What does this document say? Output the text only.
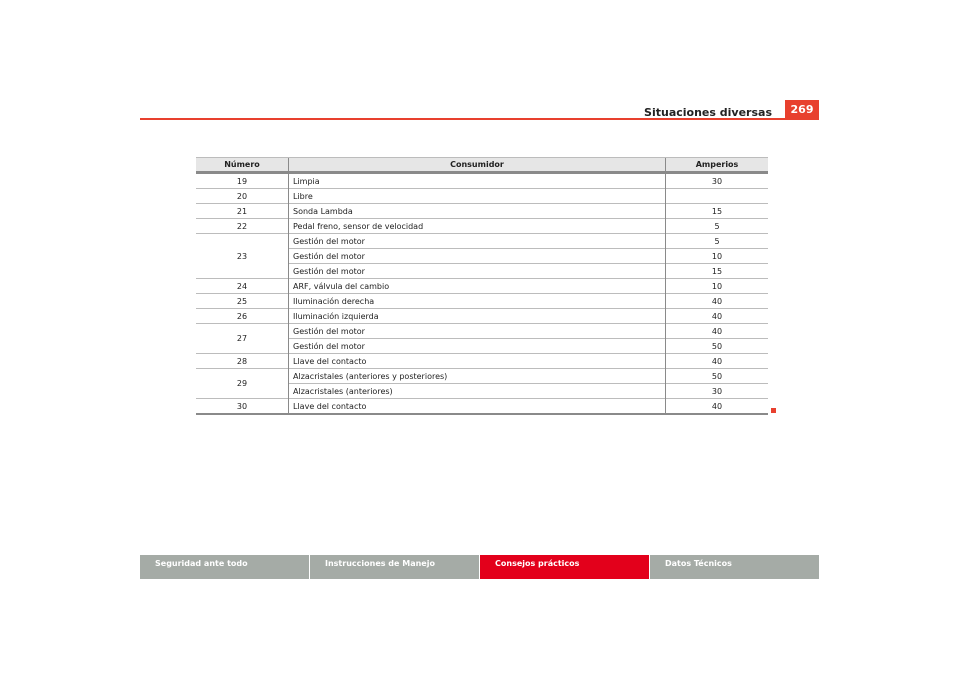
Situaciones diversas	269
Número	Consumidor	Amperios
19	Limpia	30
20	Libre	
21	Sonda Lambda	15
22	Pedal freno, sensor de velocidad	5
23	Gestión del motor	5
	Gestión del motor	10
	Gestión del motor	15
24	ARF, válvula del cambio	10
25	Iluminación derecha	40
26	Iluminación izquierda	40
27	Gestión del motor	40
	Gestión del motor	50
28	Llave del contacto	40
29	Alzacristales (anteriores y posteriores)	50
	Alzacristales (anteriores)	30
30	Llave del contacto	40
Seguridad ante todo	Instrucciones de Manejo	Consejos prácticos	Datos Técnicos
